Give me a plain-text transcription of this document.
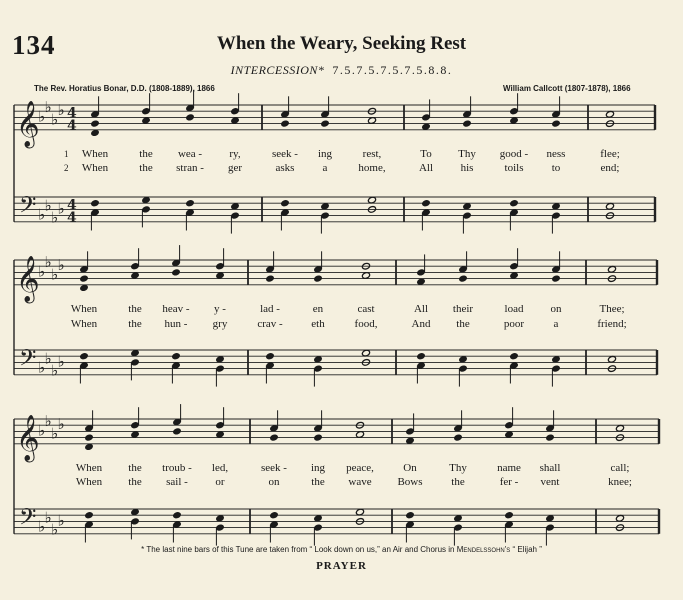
134	When the Weary, Seeking Rest
INTERCESSION* 7.5.7.5.7.5.7.5.8.8.
The Rev. Horatius Bonar, D.D. (1808-1889), 1866	William Callcott (1807-1878), 1866
𝄞
𝄢
♭
♭
♭
♭
♭
♭
♭
♭
4
4
4
4
𝄞
𝄢
♭
♭
♭
♭
♭
♭
♭
♭
𝄞
𝄢
♭
♭
♭
♭
♭
♭
♭
♭
When	the wea - ry,	seek - ing	rest,	To Thy good - ness	flee;
When	the stran - ger	asks	a	home,	All	his	toils	to	end;
1
2
When	the heav - y -	lad -	en	cast	All their	load on	Thee;
When	the hun - gry	crav -	eth	food,	And the	poor	a	friend;
When the troub - led,	seek - ing peace,	On	Thy	name shall	call;
When the sail -	or	on	the wave Bows	the	fer - vent	knee;
* The last nine bars of this Tune are taken from “ Look down on us,” an Air and Chorus in Mendelssohn's “ Elijah ”
PRAYER
